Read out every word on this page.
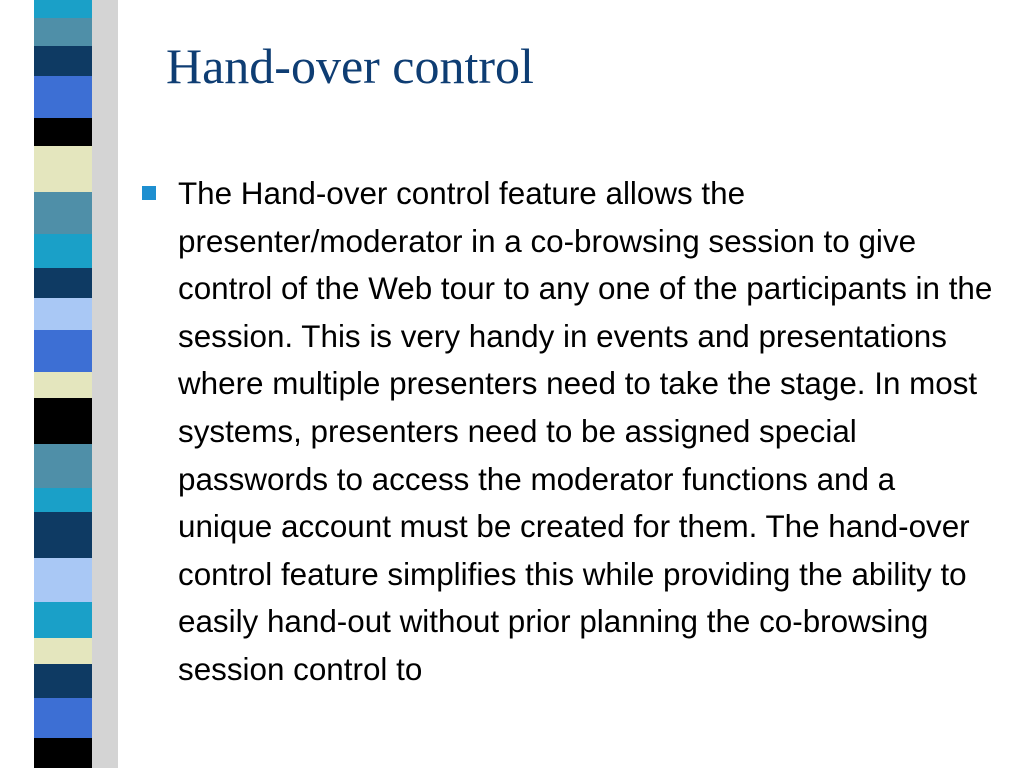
Hand-over control

The Hand-over control feature allows the presenter/moderator in a co-browsing session to give control of the Web tour to any one of the participants in the session. This is very handy in events and presentations where multiple presenters need to take the stage. In most systems, presenters need to be assigned special passwords to access the moderator functions and a unique account must be created for them. The hand-over control feature simplifies this while providing the ability to easily hand-out without prior planning the co-browsing session control to
